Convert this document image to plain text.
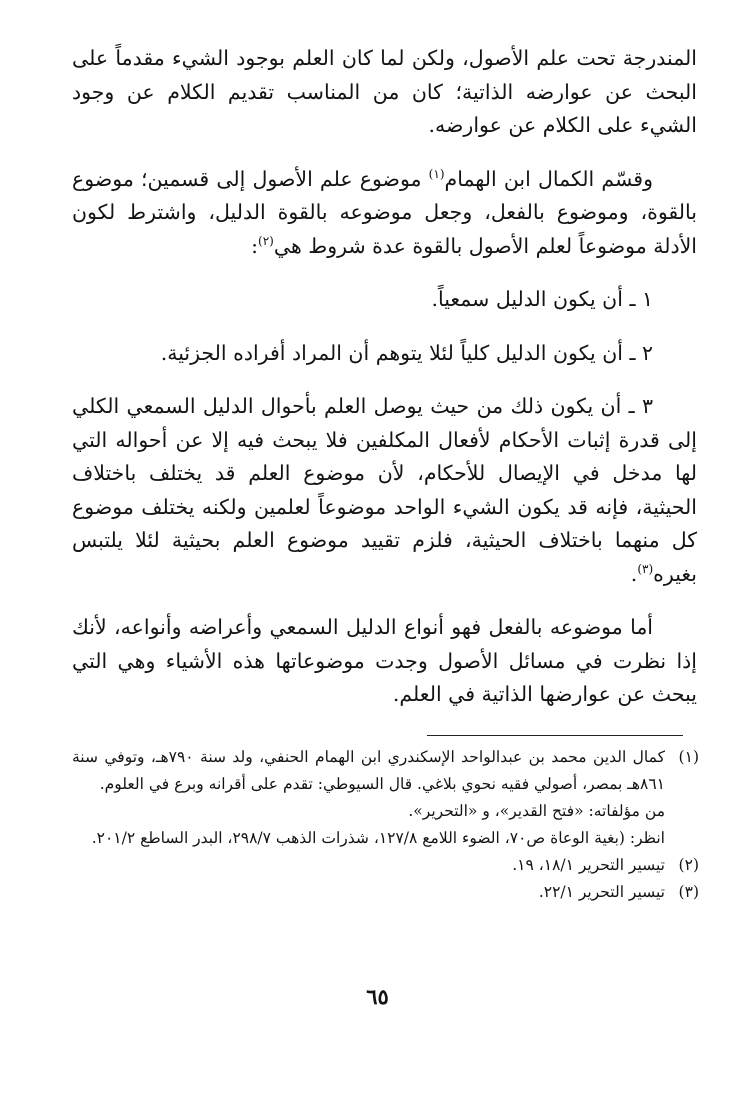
المندرجة تحت علم الأصول، ولكن لما كان العلم بوجود الشيء مقدماً على البحث عن عوارضه الذاتية؛ كان من المناسب تقديم الكلام عن وجود الشيء على الكلام عن عوارضه.

وقسّم الكمال ابن الهمام$^{(١)}$ موضوع علم الأصول إلى قسمين؛ موضوع بالقوة، وموضوع بالفعل، وجعل موضوعه بالقوة الدليل، واشترط لكون الأدلة موضوعاً لعلم الأصول بالقوة عدة شروط هي$^{(٢)}$:

١ ـ أن يكون الدليل سمعياً.

٢ ـ أن يكون الدليل كلياً لئلا يتوهم أن المراد أفراده الجزئية.

٣ ـ أن يكون ذلك من حيث يوصل العلم بأحوال الدليل السمعي الكلي إلى قدرة إثبات الأحكام لأفعال المكلفين فلا يبحث فيه إلا عن أحواله التي لها مدخل في الإيصال للأحكام، لأن موضوع العلم قد يختلف باختلاف الحيثية، فإنه قد يكون الشيء الواحد موضوعاً لعلمين ولكنه يختلف موضوع كل منهما باختلاف الحيثية، فلزم تقييد موضوع العلم بحيثية لئلا يلتبس بغيره$^{(٣)}$.

أما موضوعه بالفعل فهو أنواع الدليل السمعي وأعراضه وأنواعه، لأنك إذا نظرت في مسائل الأصول وجدت موضوعاتها هذه الأشياء وهي التي يبحث عن عوارضها الذاتية في العلم.

(١)
كمال الدين محمد بن عبدالواحد الإسكندري ابن الهمام الحنفي، ولد سنة ٧٩٠هـ، وتوفي سنة ٨٦١هـ بمصر، أصولي فقيه نحوي بلاغي. قال السيوطي: تقدم على أقرانه وبرع في العلوم.
من مؤلفاته: «فتح القدير»، و «التحرير».
انظر: (بغية الوعاة ص٧٠، الضوء اللامع ١٢٧/٨، شذرات الذهب ٢٩٨/٧، البدر الساطع ٢٠١/٢.
(٢)
تيسير التحرير ١٨/١، ١٩.
(٣)
تيسير التحرير ٢٢/١.
٦٥
